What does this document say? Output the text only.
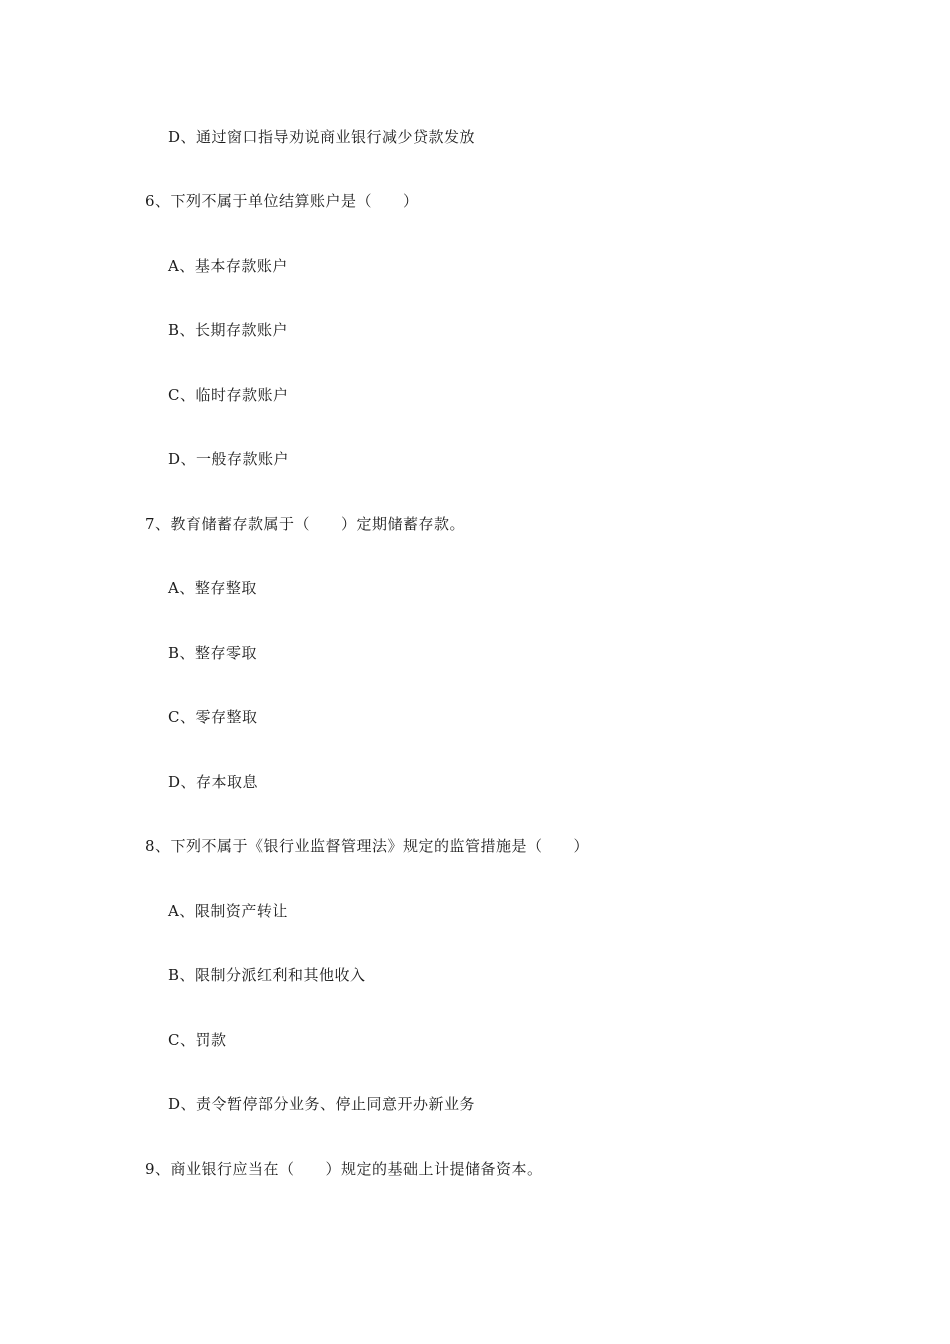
D、通过窗口指导劝说商业银行减少贷款发放
6、下列不属于单位结算账户是（　　）
A、基本存款账户
B、长期存款账户
C、临时存款账户
D、一般存款账户
7、教育储蓄存款属于（　　）定期储蓄存款。
A、整存整取
B、整存零取
C、零存整取
D、存本取息
8、下列不属于《银行业监督管理法》规定的监管措施是（　　）
A、限制资产转让
B、限制分派红利和其他收入
C、罚款
D、责令暂停部分业务、停止同意开办新业务
9、商业银行应当在（　　）规定的基础上计提储备资本。
